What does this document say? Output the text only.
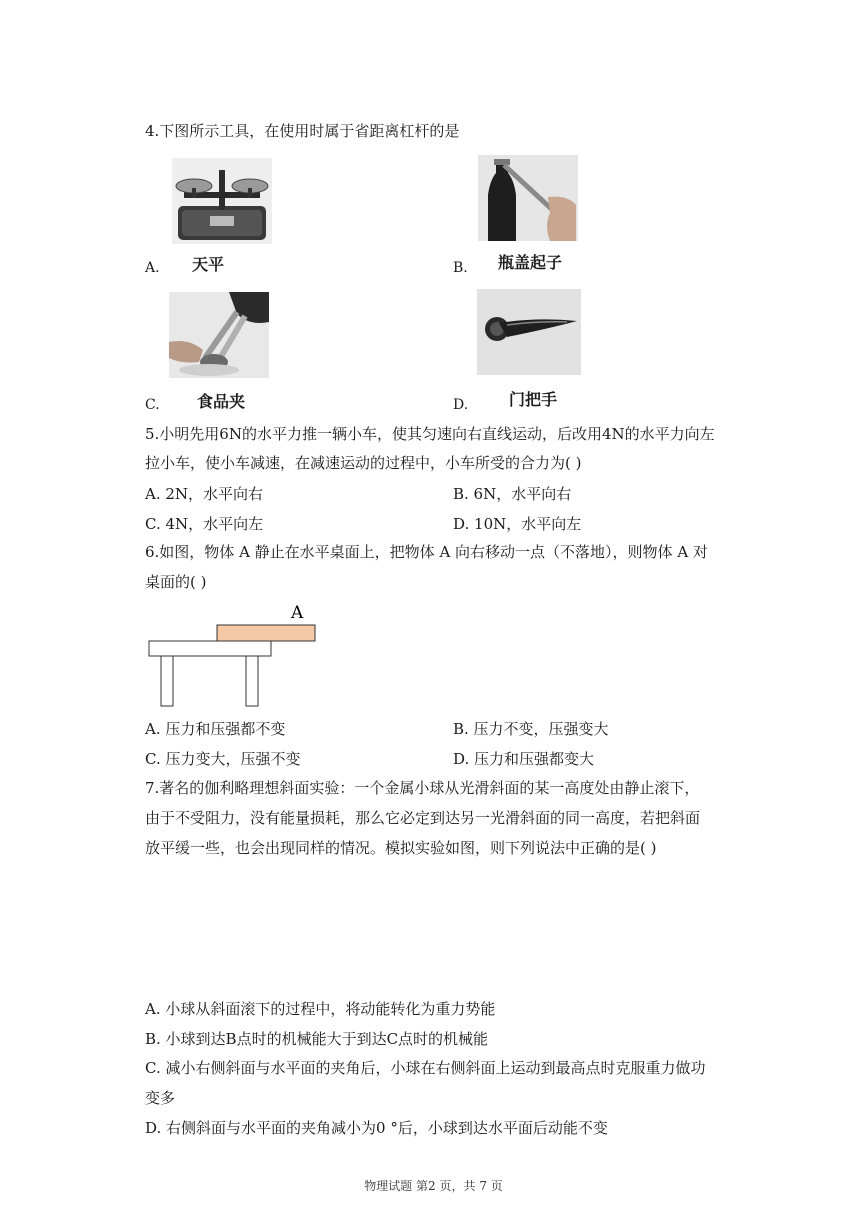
4.下图所示工具，在使用时属于省距离杠杆的是
A. 天平	B. 瓶盖起子
C. 食品夹	D.	门把手
5.小明先用6N的水平力推一辆小车，使其匀速向右直线运动，后改用4N的水平力向左
拉小车，使小车减速，在减速运动的过程中，小车所受的合力为( )
A. 2N，水平向右	B. 6N，水平向右
C. 4N，水平向左	D. 10N，水平向左
6.如图，物体 A 静止在水平桌面上，把物体 A 向右移动一点（不落地），则物体 A 对
桌面的( )
A
A. 压力和压强都不变	B. 压力不变，压强变大
C. 压力变大，压强不变	D. 压力和压强都变大
7.著名的伽利略理想斜面实验：一个金属小球从光滑斜面的某一高度处由静止滚下，
由于不受阻力，没有能量损耗，那么它必定到达另一光滑斜面的同一高度，若把斜面
放平缓一些，也会出现同样的情况。模拟实验如图，则下列说法中正确的是( )
A. 小球从斜面滚下的过程中，将动能转化为重力势能
B. 小球到达B点时的机械能大于到达C点时的机械能
C. 减小右侧斜面与水平面的夹角后，小球在右侧斜面上运动到最高点时克服重力做功
变多
D. 右侧斜面与水平面的夹角减小为0 °后，小球到达水平面后动能不变
物理试题 第2 页，共 7 页
